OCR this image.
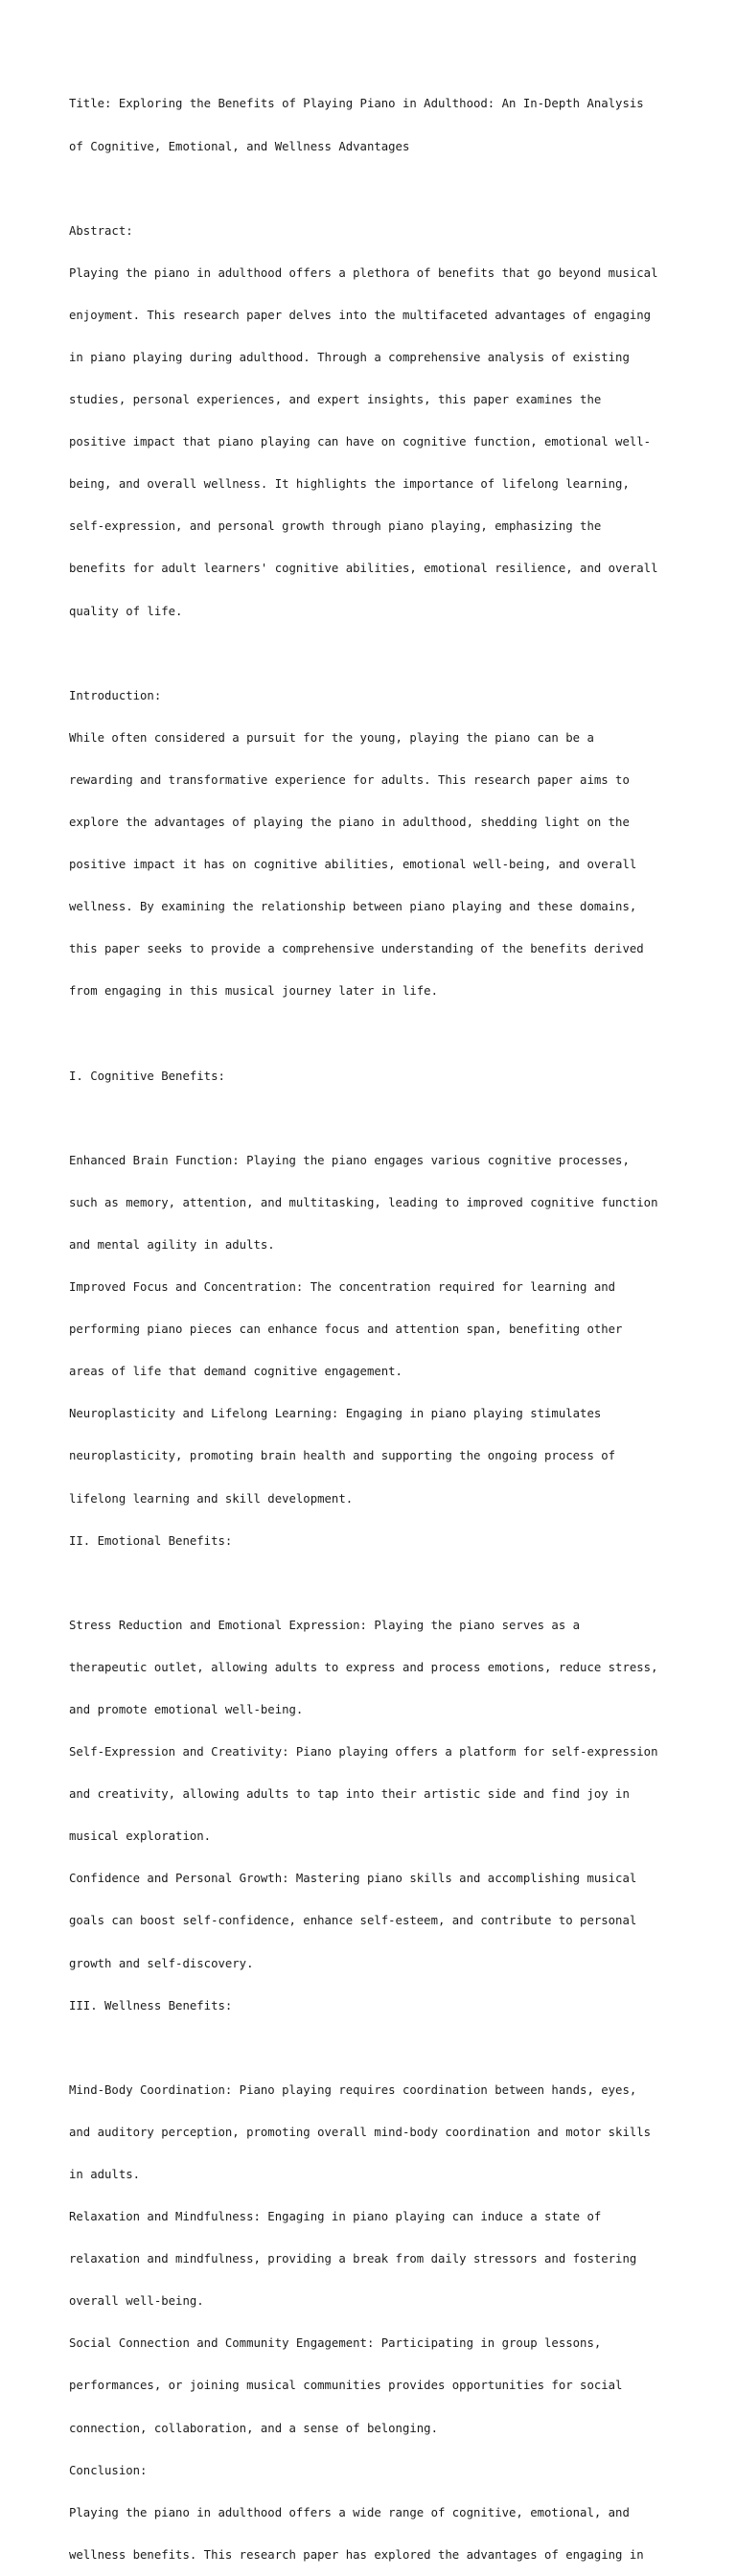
Title: Exploring the Benefits of Playing Piano in Adulthood: An In-Depth Analysis

of Cognitive, Emotional, and Wellness Advantages

Abstract:

Playing the piano in adulthood offers a plethora of benefits that go beyond musical

enjoyment. This research paper delves into the multifaceted advantages of engaging

in piano playing during adulthood. Through a comprehensive analysis of existing

studies, personal experiences, and expert insights, this paper examines the

positive impact that piano playing can have on cognitive function, emotional well-

being, and overall wellness. It highlights the importance of lifelong learning,

self-expression, and personal growth through piano playing, emphasizing the

benefits for adult learners' cognitive abilities, emotional resilience, and overall

quality of life.

Introduction:

While often considered a pursuit for the young, playing the piano can be a

rewarding and transformative experience for adults. This research paper aims to

explore the advantages of playing the piano in adulthood, shedding light on the

positive impact it has on cognitive abilities, emotional well-being, and overall

wellness. By examining the relationship between piano playing and these domains,

this paper seeks to provide a comprehensive understanding of the benefits derived

from engaging in this musical journey later in life.

I. Cognitive Benefits:

Enhanced Brain Function: Playing the piano engages various cognitive processes,

such as memory, attention, and multitasking, leading to improved cognitive function

and mental agility in adults.

Improved Focus and Concentration: The concentration required for learning and

performing piano pieces can enhance focus and attention span, benefiting other

areas of life that demand cognitive engagement.

Neuroplasticity and Lifelong Learning: Engaging in piano playing stimulates

neuroplasticity, promoting brain health and supporting the ongoing process of

lifelong learning and skill development.

II. Emotional Benefits:

Stress Reduction and Emotional Expression: Playing the piano serves as a

therapeutic outlet, allowing adults to express and process emotions, reduce stress,

and promote emotional well-being.

Self-Expression and Creativity: Piano playing offers a platform for self-expression

and creativity, allowing adults to tap into their artistic side and find joy in

musical exploration.

Confidence and Personal Growth: Mastering piano skills and accomplishing musical

goals can boost self-confidence, enhance self-esteem, and contribute to personal

growth and self-discovery.

III. Wellness Benefits:

Mind-Body Coordination: Piano playing requires coordination between hands, eyes,

and auditory perception, promoting overall mind-body coordination and motor skills

in adults.

Relaxation and Mindfulness: Engaging in piano playing can induce a state of

relaxation and mindfulness, providing a break from daily stressors and fostering

overall well-being.

Social Connection and Community Engagement: Participating in group lessons,

performances, or joining musical communities provides opportunities for social

connection, collaboration, and a sense of belonging.

Conclusion:

Playing the piano in adulthood offers a wide range of cognitive, emotional, and

wellness benefits. This research paper has explored the advantages of engaging in
